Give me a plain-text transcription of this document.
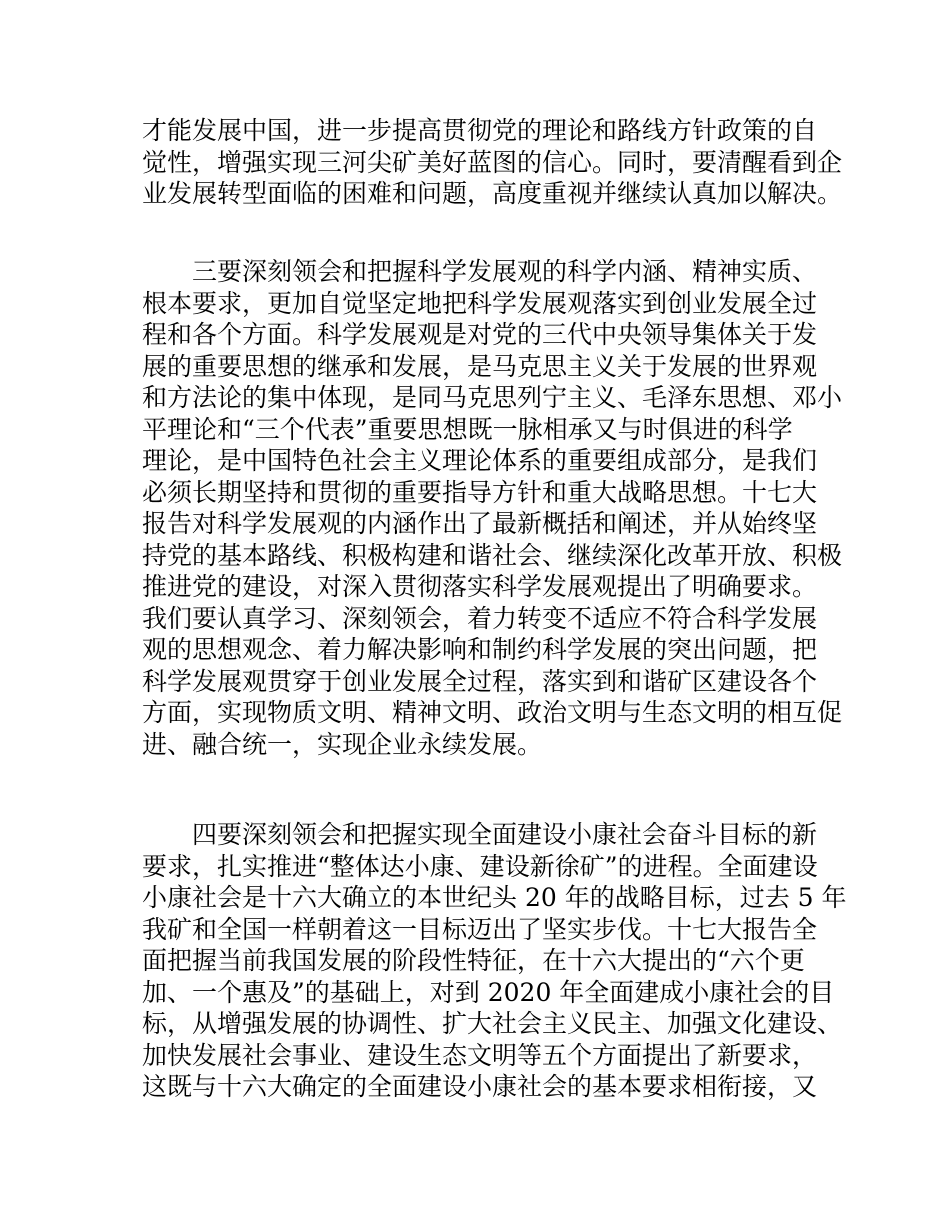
才能发展中国，进一步提高贯彻党的理论和路线方针政策的自
觉性，增强实现三河尖矿美好蓝图的信心。同时，要清醒看到企
业发展转型面临的困难和问题，高度重视并继续认真加以解决。
　　三要深刻领会和把握科学发展观的科学内涵、精神实质、
根本要求，更加自觉坚定地把科学发展观落实到创业发展全过
程和各个方面。科学发展观是对党的三代中央领导集体关于发
展的重要思想的继承和发展，是马克思主义关于发展的世界观
和方法论的集中体现，是同马克思列宁主义、毛泽东思想、邓小
平理论和“三个代表”重要思想既一脉相承又与时俱进的科学
理论，是中国特色社会主义理论体系的重要组成部分，是我们
必须长期坚持和贯彻的重要指导方针和重大战略思想。十七大
报告对科学发展观的内涵作出了最新概括和阐述，并从始终坚
持党的基本路线、积极构建和谐社会、继续深化改革开放、积极
推进党的建设，对深入贯彻落实科学发展观提出了明确要求。
我们要认真学习、深刻领会，着力转变不适应不符合科学发展
观的思想观念、着力解决影响和制约科学发展的突出问题，把
科学发展观贯穿于创业发展全过程，落实到和谐矿区建设各个
方面，实现物质文明、精神文明、政治文明与生态文明的相互促
进、融合统一，实现企业永续发展。
　　四要深刻领会和把握实现全面建设小康社会奋斗目标的新
要求，扎实推进“整体达小康、建设新徐矿”的进程。全面建设
小康社会是十六大确立的本世纪头 20 年的战略目标，过去 5 年
我矿和全国一样朝着这一目标迈出了坚实步伐。十七大报告全
面把握当前我国发展的阶段性特征，在十六大提出的“六个更
加、一个惠及”的基础上，对到 2020 年全面建成小康社会的目
标，从增强发展的协调性、扩大社会主义民主、加强文化建设、
加快发展社会事业、建设生态文明等五个方面提出了新要求，
这既与十六大确定的全面建设小康社会的基本要求相衔接，又
